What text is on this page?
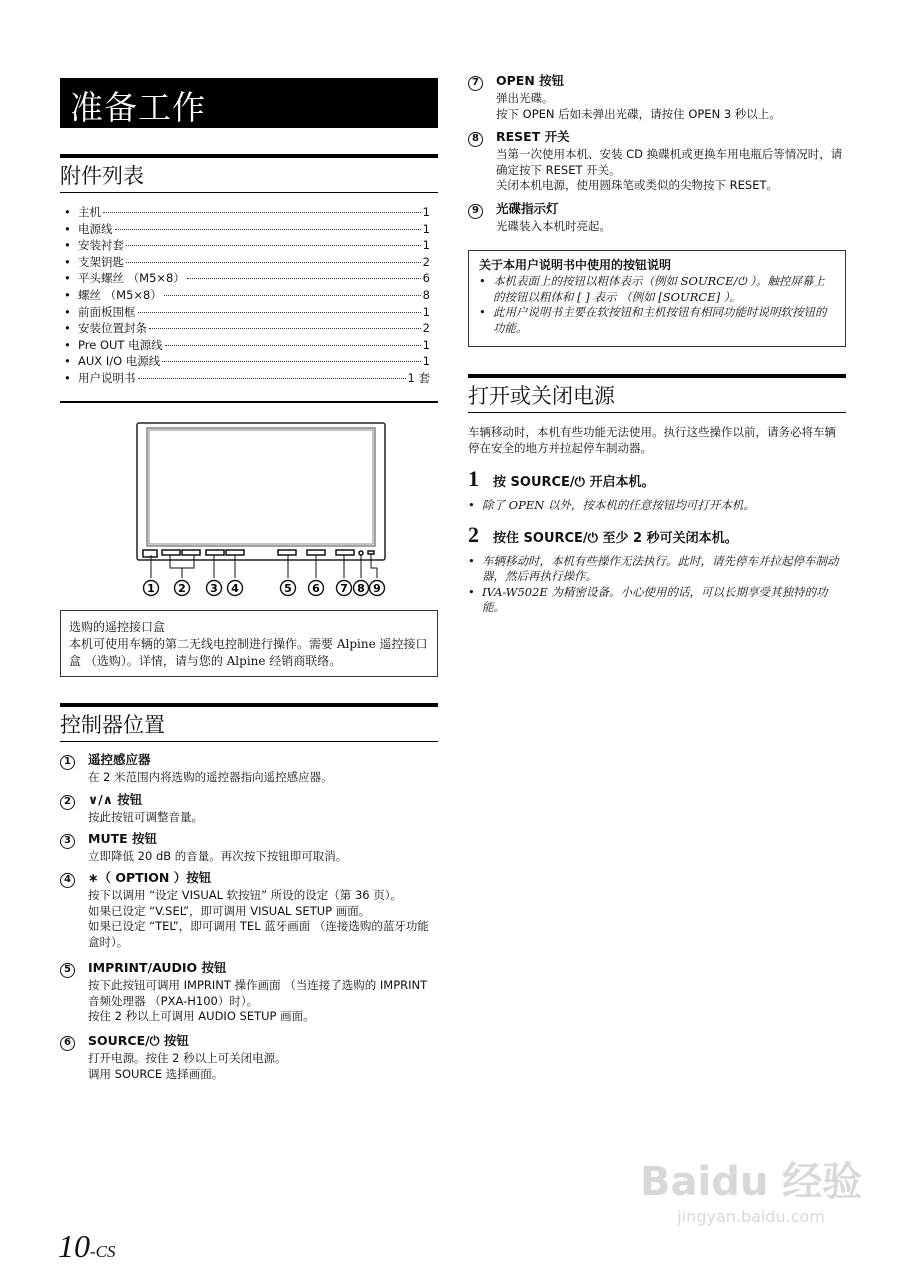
准备工作
附件列表
• 主机	1
• 电源线	1
• 安装衬套	1
• 支架钥匙	2
• 平头螺丝 （M5×8）	6
• 螺丝 （M5×8）	8
• 前面板围框	1
• 安装位置封条	2
• Pre OUT 电源线	1
• AUX I/O 电源线	1
• 用户说明书	1 套
1 2 3 4	5 6 7 8 9
选购的遥控接口盒
本机可使用车辆的第二无线电控制进行操作。需要 Alpine 遥控接口盒 （选购）。详情，请与您的 Alpine 经销商联络。
控制器位置
1	遥控感应器
在 2 米范围内将选购的遥控器指向遥控感应器。
2	∨/∧ 按钮
按此按钮可调整音量。
3	MUTE 按钮
立即降低 20 dB 的音量。再次按下按钮即可取消。
4	∗（ OPTION ）按钮
按下以调用 “设定 VISUAL 软按钮” 所设的设定（第 36 页）。
如果已设定 “V.SEL”，即可调用 VISUAL SETUP 画面。
如果已设定 “TEL”，即可调用 TEL 蓝牙画面 （连接选购的蓝牙功能盒时）。
5	IMPRINT/AUDIO 按钮
按下此按钮可调用 IMPRINT 操作画面 （当连接了选购的 IMPRINT 音频处理器 （PXA-H100）时）。
按住 2 秒以上可调用 AUDIO SETUP 画面。
6	SOURCE/⏻ 按钮
打开电源。按住 2 秒以上可关闭电源。
调用 SOURCE 选择画面。
7	OPEN 按钮
弹出光碟。
按下 OPEN 后如未弹出光碟，请按住 OPEN 3 秒以上。
8	RESET 开关
当第一次使用本机、安装 CD 换碟机或更换车用电瓶后等情况时，请确定按下 RESET 开关。
关闭本机电源，使用圆珠笔或类似的尖物按下 RESET。
9	光碟指示灯
光碟装入本机时亮起。
关于本用户说明书中使用的按钮说明
• 本机表面上的按钮以粗体表示（例如 SOURCE/⏻ ）。触控屏幕上的按钮以粗体和 [ ] 表示 （例如 [SOURCE] ）。
• 此用户说明书主要在软按钮和主机按钮有相同功能时说明软按钮的功能。
打开或关闭电源
车辆移动时，本机有些功能无法使用。执行这些操作以前，请务必将车辆停在安全的地方并拉起停车制动器。
1 按 SOURCE/⏻ 开启本机。
• 除了 OPEN 以外，按本机的任意按钮均可打开本机。
2 按住 SOURCE/⏻ 至少 2 秒可关闭本机。
• 车辆移动时，本机有些操作无法执行。此时，请先停车并拉起停车制动器，然后再执行操作。
• IVA-W502E 为精密设备。小心使用的话，可以长期享受其独特的功能。
10-CS
Baidu 经验
jingyan.baidu.com
